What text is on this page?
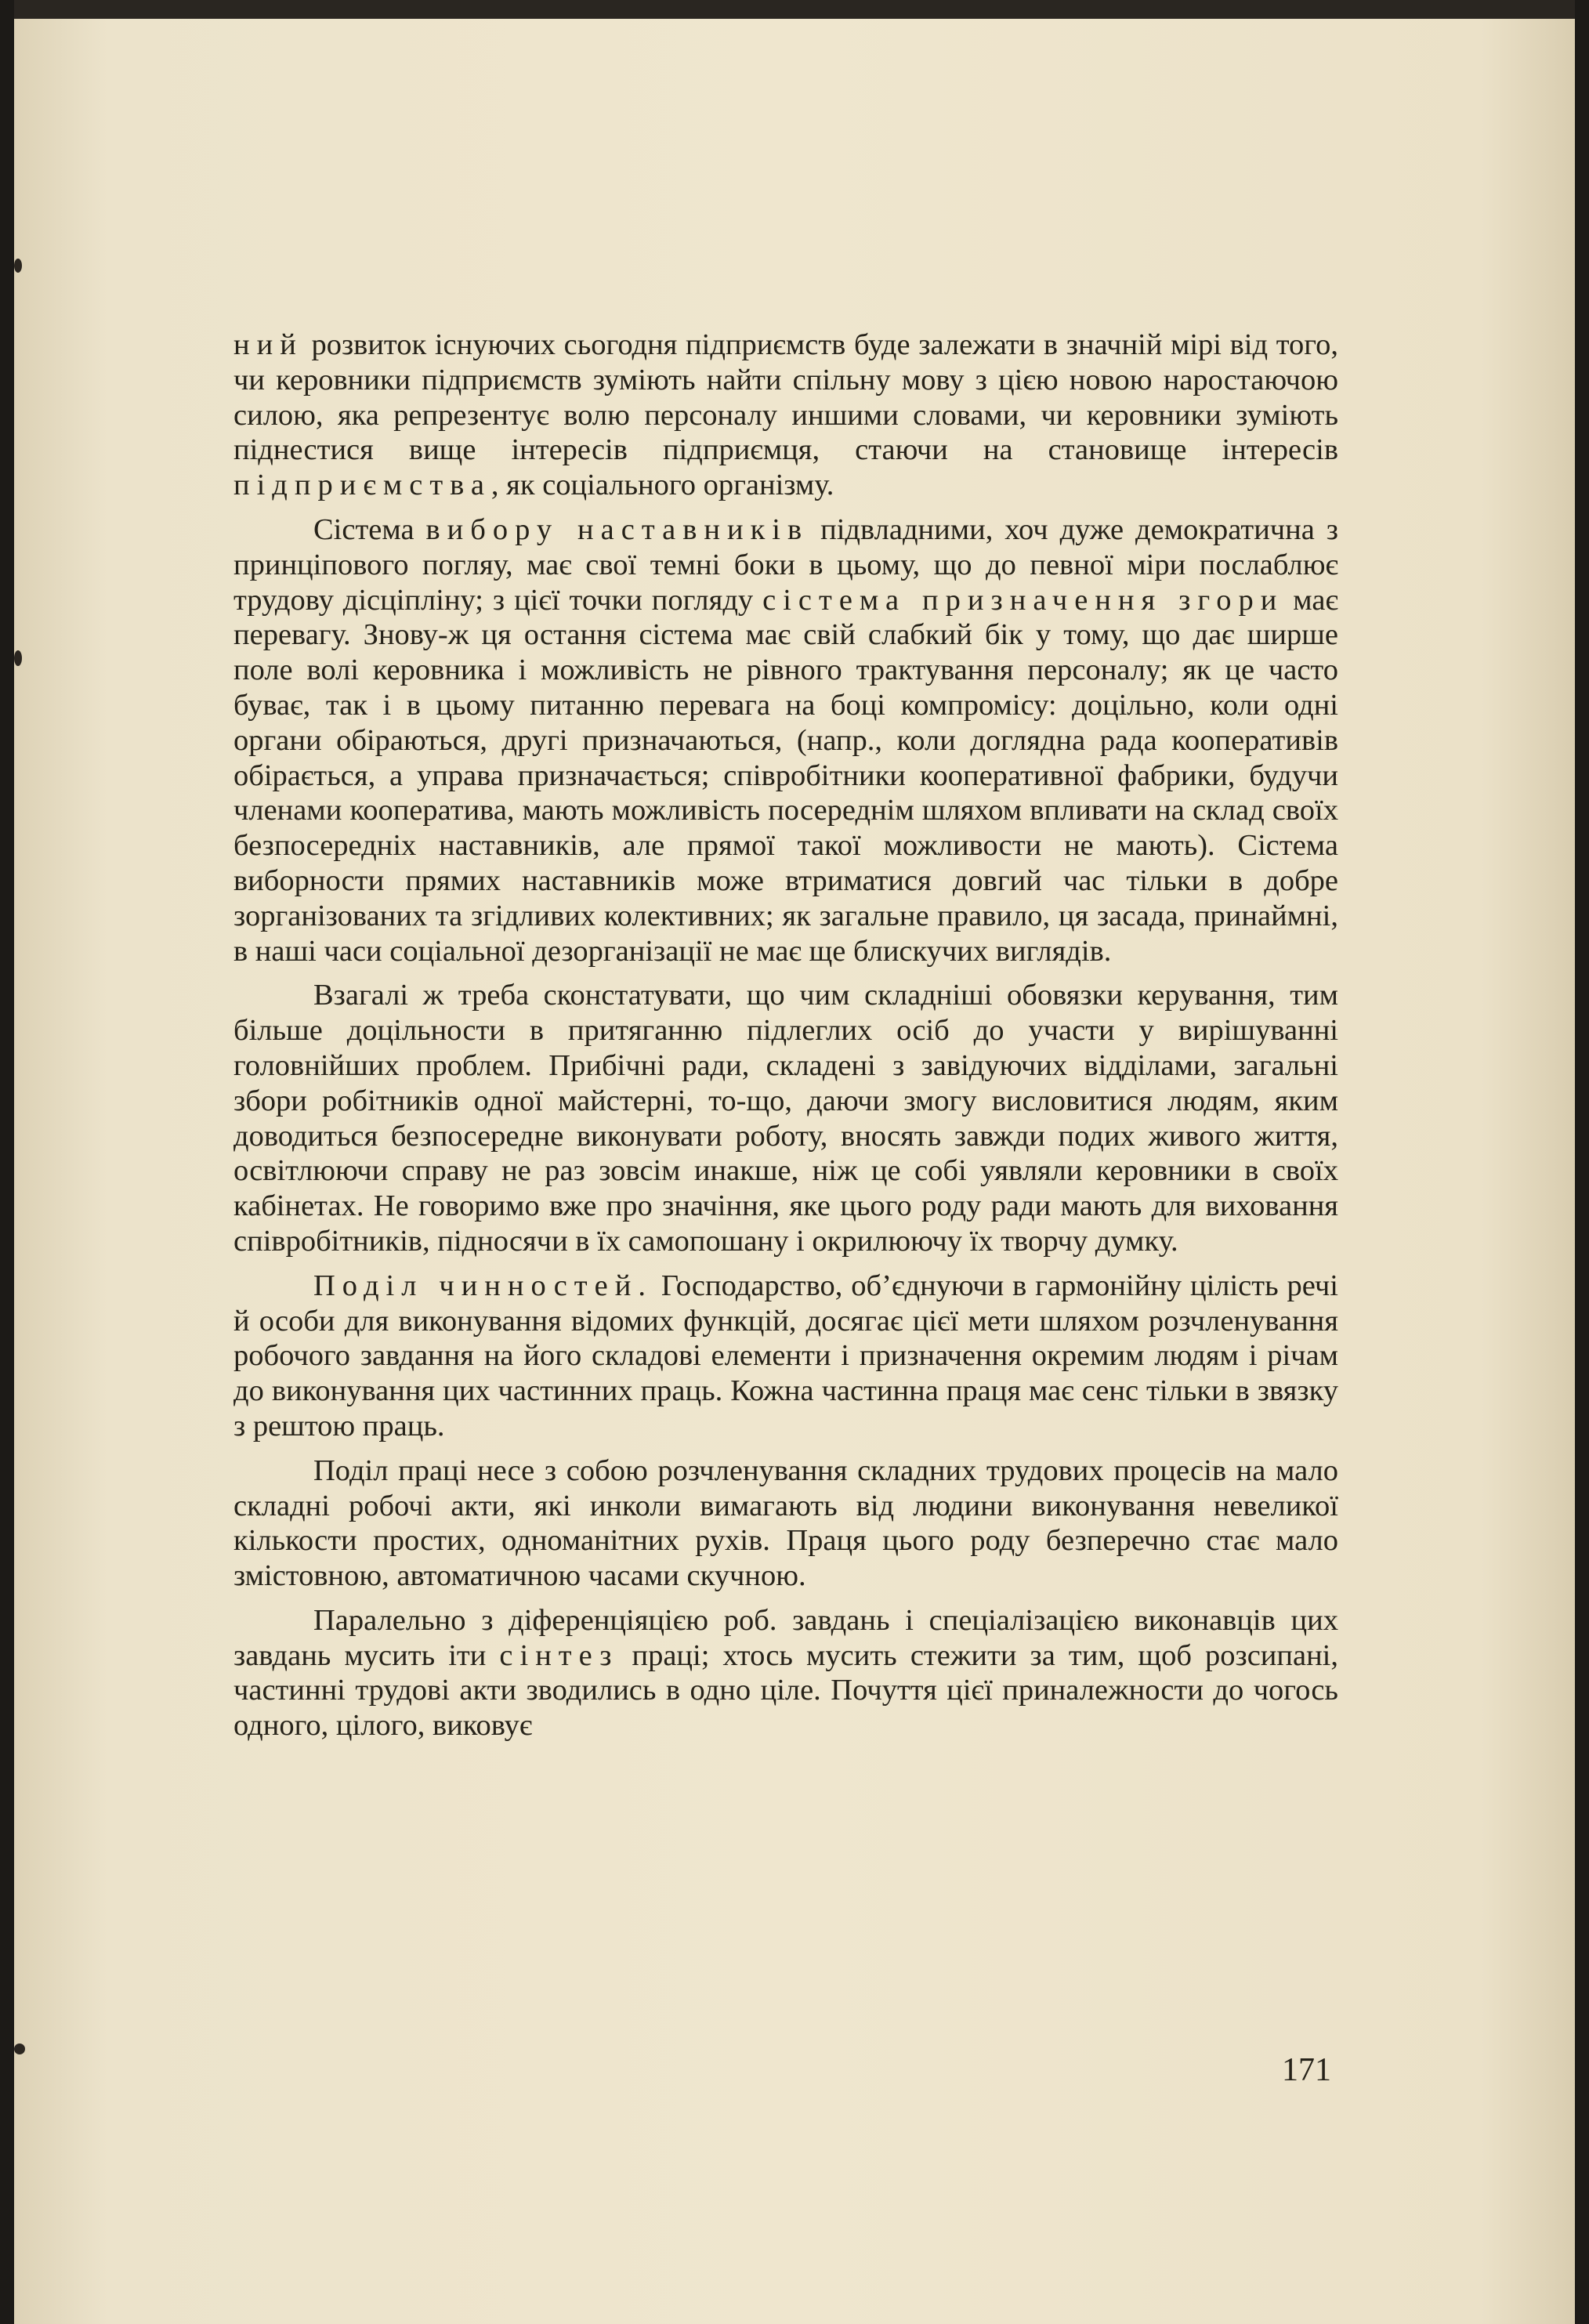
ний розвиток існуючих сьогодня підприємств буде залежати в значній мірі від того, чи керовники підприємств зуміють найти спільну мову з цією новою наростаючою силою, яка репрезентує волю персоналу иншими словами, чи керовники зуміють піднестися вище інтересів підприємця, стаючи на становище інтересів підприємства, як соціального організму.

Сістема вибору наставників підвладними, хоч дуже демократична з принціпового погляу, має свої темні боки в цьому, що до певної міри послаблює трудову дісціпліну; з цієї точки погляду сістема призначення згори має перевагу. Знову-ж ця остання сістема має свій слабкий бік у тому, що дає ширше поле волі керовника і можливість не рівного трактування персоналу; як це часто буває, так і в цьому питанню перевага на боці компромісу: доцільно, коли одні органи обіраються, другі призначаються, (напр., коли доглядна рада кооперативів обірається, а управа призначається; співробітники кооперативної фабрики, будучи членами кооператива, мають можливість посереднім шляхом впливати на склад своїх безпосередніх наставників, але прямої такої можливости не мають). Сістема виборности прямих наставників може втриматися довгий час тільки в добре зорганізованих та згідливих колективних; як загальне правило, ця засада, принаймні, в наші часи соціальної дезорганізації не має ще блискучих виглядів.

Взагалі ж треба сконстатувати, що чим складніші обовязки керування, тим більше доцільности в притяганню підлеглих осіб до участи у вирішуванні головнійших проблем. Прибічні ради, складені з завідуючих відділами, загальні збори робітників одної майстерні, то-що, даючи змогу висловитися людям, яким доводиться безпосередне виконувати роботу, вносять завжди подих живого життя, освітлюючи справу не раз зовсім инакше, ніж це собі уявляли керовники в своїх кабінетах. Не говоримо вже про значіння, яке цього роду ради мають для виховання співробітників, підносячи в їх самопошану і окрилюючу їх творчу думку.

Поділ чинностей. Господарство, об’єднуючи в гармонійну цілість речі й особи для виконування відомих функцій, досягає цієї мети шляхом розчленування робочого завдання на його складові елементи і призначення окремим людям і річам до виконування цих частинних праць. Кожна частинна праця має сенс тільки в звязку з рештою праць.

Поділ праці несе з собою розчленування складних трудових процесів на мало складні робочі акти, які инколи вимагають від людини виконування невеликої кількости простих, одноманітних рухів. Праця цього роду безперечно стає мало змістовною, автоматичною часами скучною.

Паралельно з діференціяцією роб. завдань і спеціалізацією виконавців цих завдань мусить іти сінтез праці; хтось мусить стежити за тим, щоб розсипані, частинні трудові акти зводились в одно ціле. Почуття цієї приналежности до чогось одного, цілого, виковує

171
